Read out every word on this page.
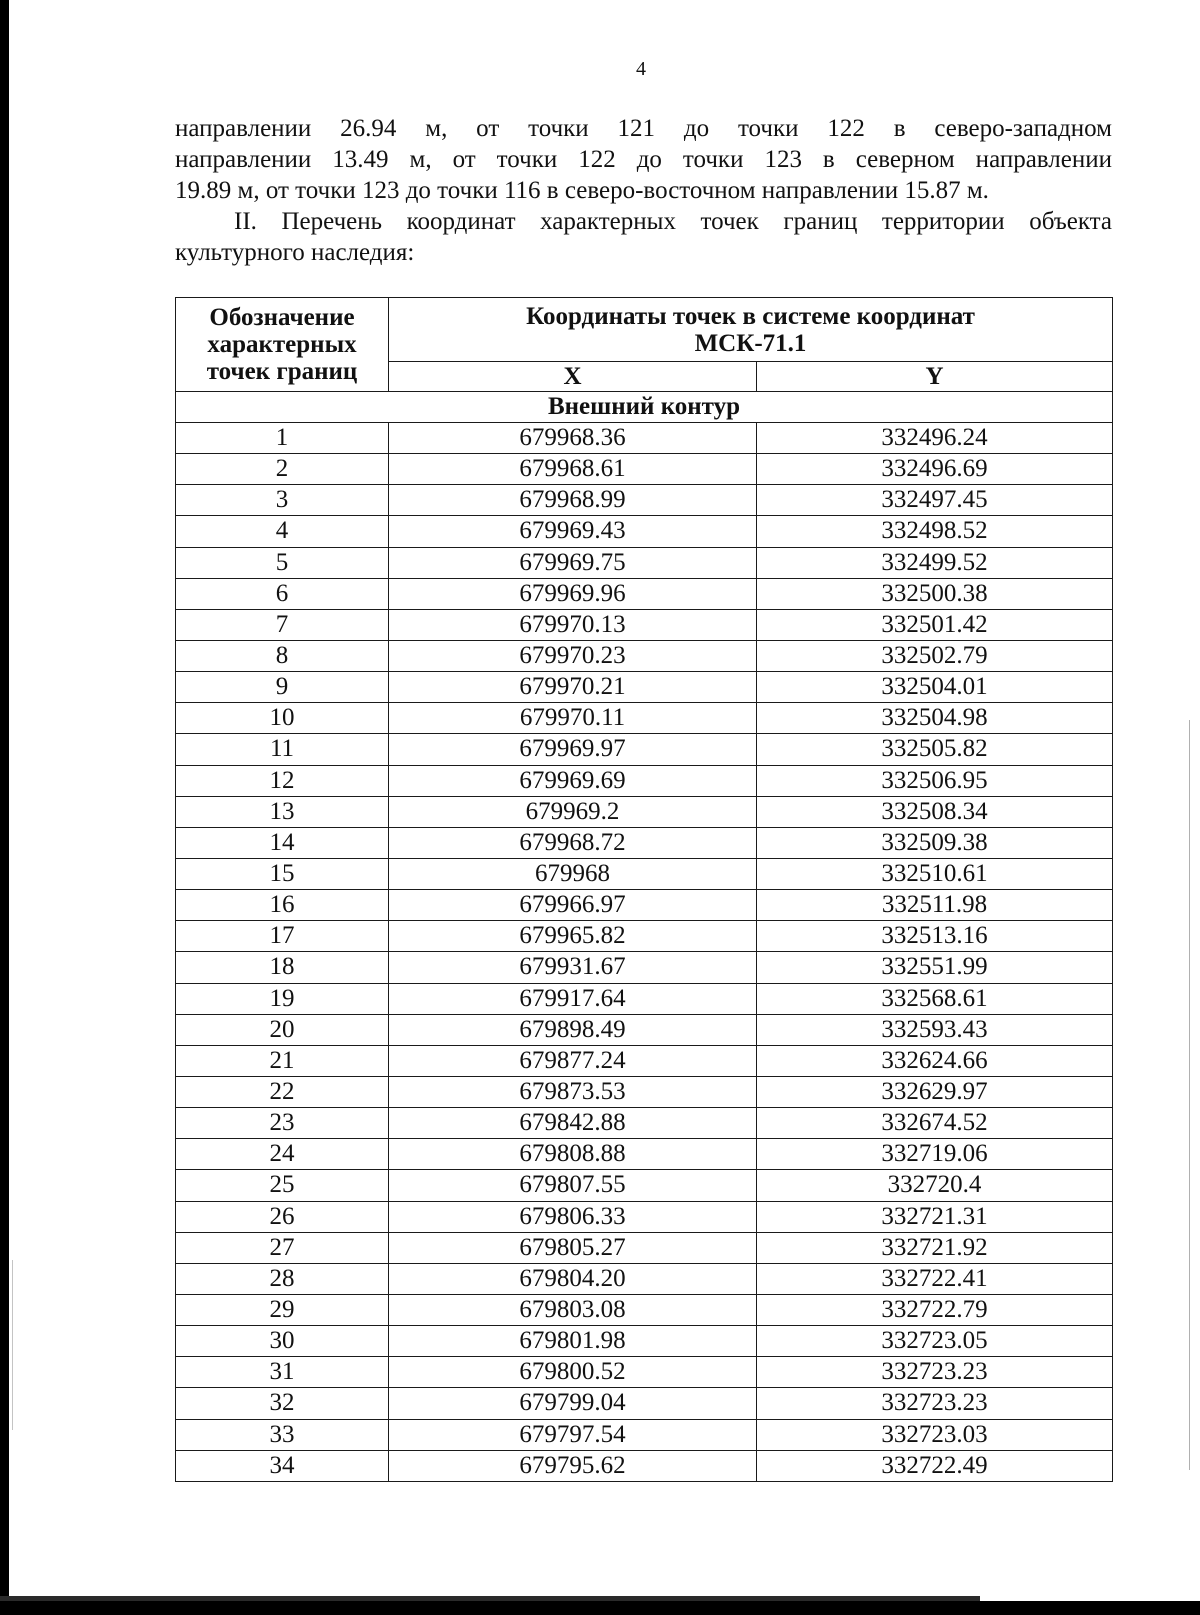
4

направлении 26.94 м, от точки 121 до точки 122 в северо-западном
направлении 13.49 м, от точки 122 до точки 123 в северном направлении
19.89 м, от точки 123 до точки 116 в северо-восточном направлении 15.87 м.

II. Перечень координат характерных точек границ территории объекта
культурного наследия:

Обозначение
характерных
точек границ	Координаты точек в системе координат
МСК-71.1	
	X	Y
Внешний контур		
1	679968.36	332496.24
2	679968.61	332496.69
3	679968.99	332497.45
4	679969.43	332498.52
5	679969.75	332499.52
6	679969.96	332500.38
7	679970.13	332501.42
8	679970.23	332502.79
9	679970.21	332504.01
10	679970.11	332504.98
11	679969.97	332505.82
12	679969.69	332506.95
13	679969.2	332508.34
14	679968.72	332509.38
15	679968	332510.61
16	679966.97	332511.98
17	679965.82	332513.16
18	679931.67	332551.99
19	679917.64	332568.61
20	679898.49	332593.43
21	679877.24	332624.66
22	679873.53	332629.97
23	679842.88	332674.52
24	679808.88	332719.06
25	679807.55	332720.4
26	679806.33	332721.31
27	679805.27	332721.92
28	679804.20	332722.41
29	679803.08	332722.79
30	679801.98	332723.05
31	679800.52	332723.23
32	679799.04	332723.23
33	679797.54	332723.03
34	679795.62	332722.49
